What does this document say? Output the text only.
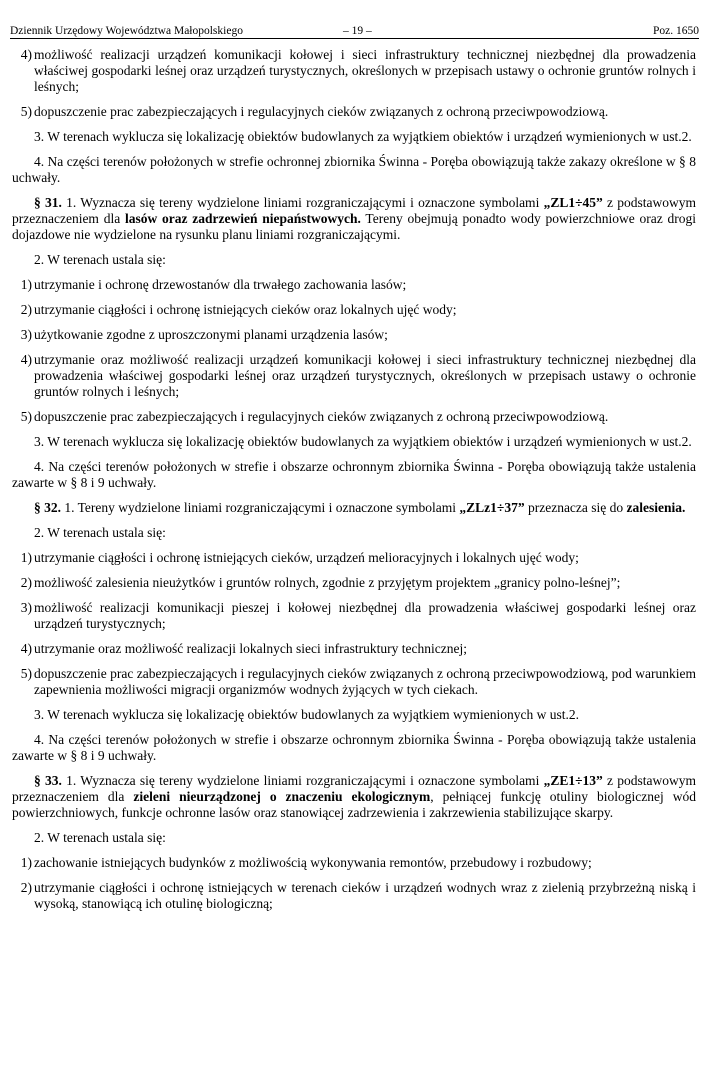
Dziennik Urzędowy Województwa Małopolskiego	– 19 –	Poz. 1650
4) możliwość realizacji urządzeń komunikacji kołowej i sieci infrastruktury technicznej niezbędnej dla prowadzenia właściwej gospodarki leśnej oraz urządzeń turystycznych, określonych w przepisach ustawy o ochronie gruntów rolnych i leśnych;
5) dopuszczenie prac zabezpieczających i regulacyjnych cieków związanych z ochroną przeciwpowodziową.
3. W terenach wyklucza się lokalizację obiektów budowlanych za wyjątkiem obiektów i urządzeń wymienionych w ust.2.
4. Na części terenów położonych w strefie ochronnej zbiornika Świnna - Poręba obowiązują także zakazy określone w § 8 uchwały.
§ 31. 1. Wyznacza się tereny wydzielone liniami rozgraniczającymi i oznaczone symbolami „ZL1÷45” z podstawowym przeznaczeniem dla lasów oraz zadrzewień niepaństwowych. Tereny obejmują ponadto wody powierzchniowe oraz drogi dojazdowe nie wydzielone na rysunku planu liniami rozgraniczającymi.
2. W terenach ustala się:
1) utrzymanie i ochronę drzewostanów dla trwałego zachowania lasów;
2) utrzymanie ciągłości i ochronę istniejących cieków oraz lokalnych ujęć wody;
3) użytkowanie zgodne z uproszczonymi planami urządzenia lasów;
4) utrzymanie oraz możliwość realizacji urządzeń komunikacji kołowej i sieci infrastruktury technicznej niezbędnej dla prowadzenia właściwej gospodarki leśnej oraz urządzeń turystycznych, określonych w przepisach ustawy o ochronie gruntów rolnych i leśnych;
5) dopuszczenie prac zabezpieczających i regulacyjnych cieków związanych z ochroną przeciwpowodziową.
3. W terenach wyklucza się lokalizację obiektów budowlanych za wyjątkiem obiektów i urządzeń wymienionych w ust.2.
4. Na części terenów położonych w strefie i obszarze ochronnym zbiornika Świnna - Poręba obowiązują także ustalenia zawarte w § 8 i 9 uchwały.
§ 32. 1. Tereny wydzielone liniami rozgraniczającymi i oznaczone symbolami „ZLz1÷37” przeznacza się do zalesienia.
2. W terenach ustala się:
1) utrzymanie ciągłości i ochronę istniejących cieków, urządzeń melioracyjnych i lokalnych ujęć wody;
2) możliwość zalesienia nieużytków i gruntów rolnych, zgodnie z przyjętym projektem „granicy polno-leśnej”;
3) możliwość realizacji komunikacji pieszej i kołowej niezbędnej dla prowadzenia właściwej gospodarki leśnej oraz urządzeń turystycznych;
4) utrzymanie oraz możliwość realizacji lokalnych sieci infrastruktury technicznej;
5) dopuszczenie prac zabezpieczających i regulacyjnych cieków związanych z ochroną przeciwpowodziową, pod warunkiem zapewnienia możliwości migracji organizmów wodnych żyjących w tych ciekach.
3. W terenach wyklucza się lokalizację obiektów budowlanych za wyjątkiem wymienionych w ust.2.
4. Na części terenów położonych w strefie i obszarze ochronnym zbiornika Świnna - Poręba obowiązują także ustalenia zawarte w § 8 i 9 uchwały.
§ 33. 1. Wyznacza się tereny wydzielone liniami rozgraniczającymi i oznaczone symbolami „ZE1÷13” z podstawowym przeznaczeniem dla zieleni nieurządzonej o znaczeniu ekologicznym, pełniącej funkcję otuliny biologicznej wód powierzchniowych, funkcje ochronne lasów oraz stanowiącej zadrzewienia i zakrzewienia stabilizujące skarpy.
2. W terenach ustala się:
1) zachowanie istniejących budynków z możliwością wykonywania remontów, przebudowy i rozbudowy;
2) utrzymanie ciągłości i ochronę istniejących w terenach cieków i urządzeń wodnych wraz z zielenią przybrzeżną niską i wysoką, stanowiącą ich otulinę biologiczną;
